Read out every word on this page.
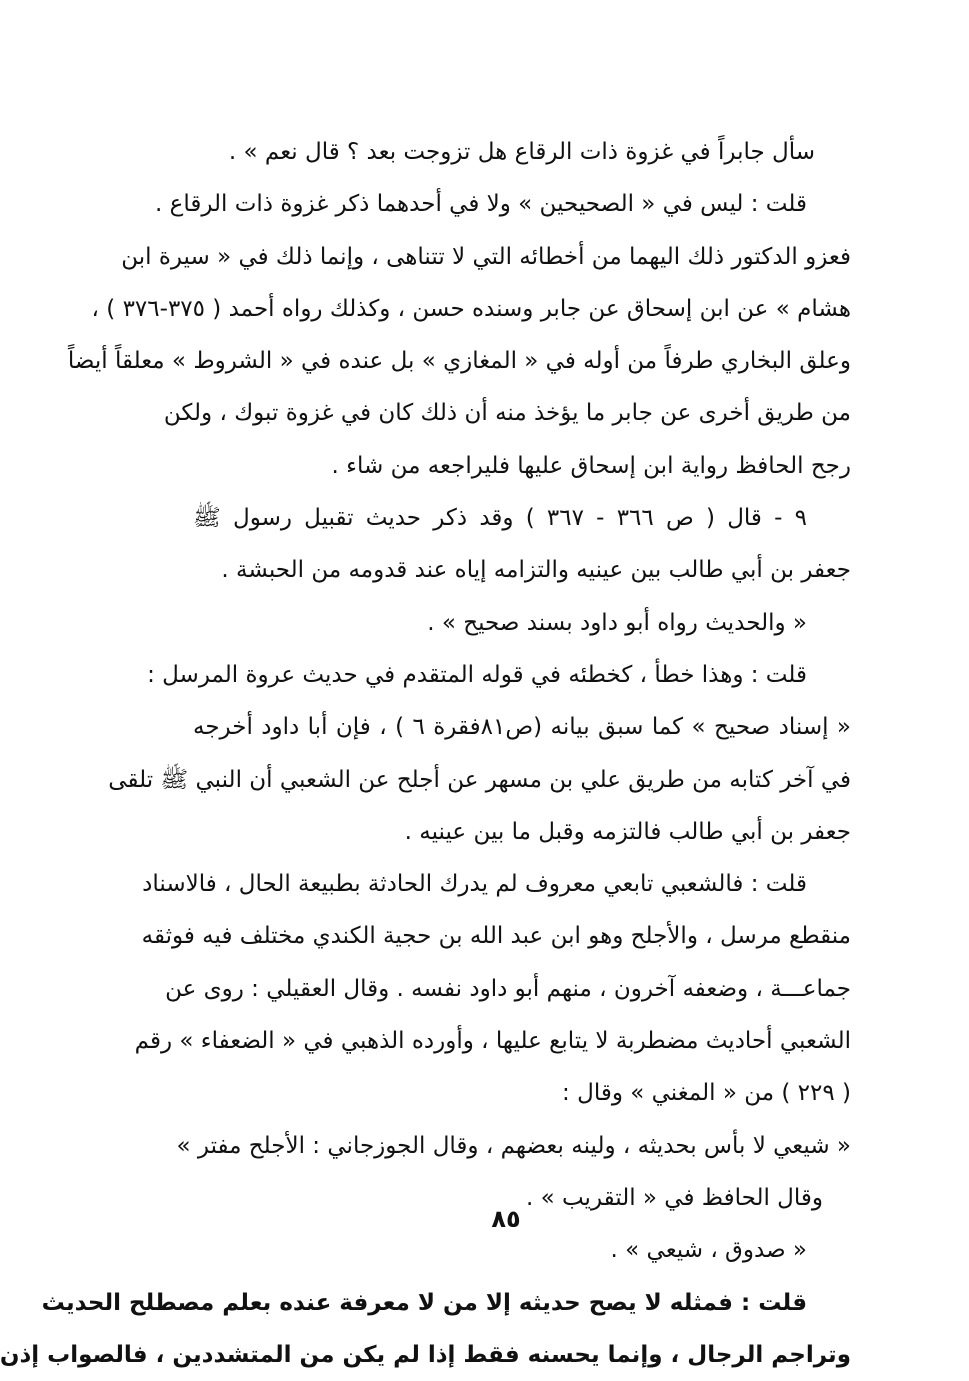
سأل جابراً في غزوة ذات الرقاع هل تزوجت بعد ؟ قال نعم » .
قلت : ليس في « الصحيحين » ولا في أحدهما ذكر غزوة ذات الرقاع .
فعزو الدكتور ذلك اليهما من أخطائه التي لا تتناهى ، وإنما ذلك في « سيرة ابن
هشام » عن ابن إسحاق عن جابر وسنده حسن ، وكذلك رواه أحمد ( ٣٧٥-٣٧٦ ) ،
وعلق البخاري طرفاً من أوله في « المغازي » بل عنده في « الشروط » معلقاً أيضاً
من طريق أخرى عن جابر ما يؤخذ منه أن ذلك كان في غزوة تبوك ، ولكن
رجح الحافظ رواية ابن إسحاق عليها فليراجعه من شاء .
٩ - قال ( ص ٣٦٦ - ٣٦٧ ) وقد ذكر حديث تقبيل رسول ﷺ
جعفر بن أبي طالب بين عينيه والتزامه إياه عند قدومه من الحبشة .
« والحديث رواه أبو داود بسند صحيح » .
قلت : وهذا خطأ ، كخطئه في قوله المتقدم في حديث عروة المرسل :
« إسناد صحيح » كما سبق بيانه (ص٨١فقرة ٦ ) ، فإن أبا داود أخرجه
في آخر كتابه من طريق علي بن مسهر عن أجلح عن الشعبي أن النبي ﷺ تلقى
جعفر بن أبي طالب فالتزمه وقبل ما بين عينيه .
قلت : فالشعبي تابعي معروف لم يدرك الحادثة بطبيعة الحال ، فالاسناد
منقطع مرسل ، والأجلح وهو ابن عبد الله بن حجية الكندي مختلف فيه فوثقه
جماعـــة ، وضعفه آخرون ، منهم أبو داود نفسه . وقال العقيلي : روى عن
الشعبي أحاديث مضطربة لا يتابع عليها ، وأورده الذهبي في « الضعفاء » رقم
( ٢٢٩ ) من « المغني » وقال :
« شيعي لا بأس بحديثه ، ولينه بعضهم ، وقال الجوزجاني : الأجلح مفتر »
وقال الحافظ في « التقريب » .
« صدوق ، شيعي » .
قلت : فمثله لا يصح حديثه إلا من لا معرفة عنده بعلم مصطلح الحديث
وتراجم الرجال ، وإنما يحسنه فقط إذا لم يكن من المتشددين ، فالصواب إذن
٨٥
